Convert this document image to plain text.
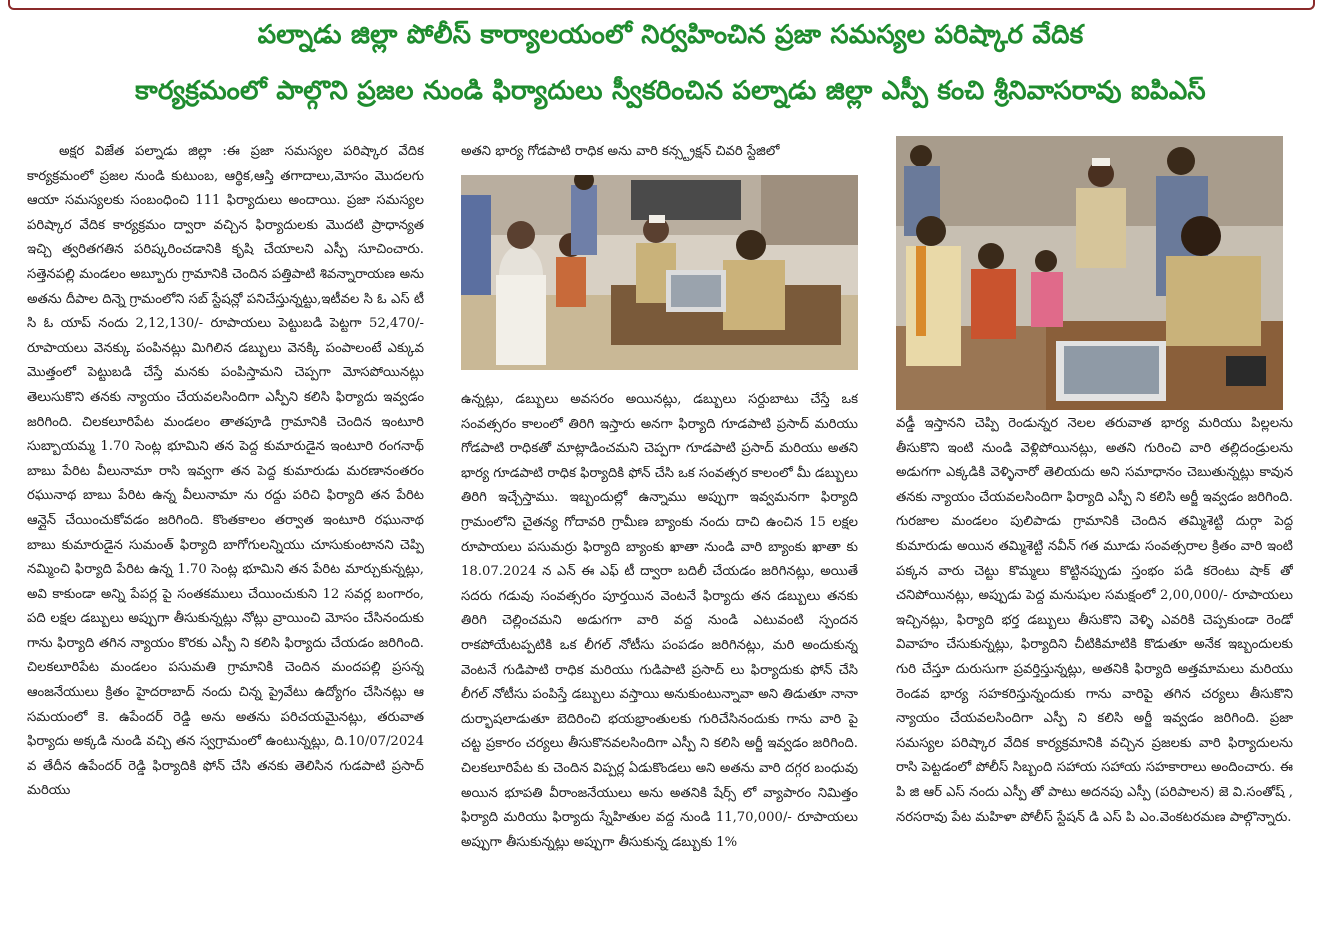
పల్నాడు జిల్లా పోలీస్ కార్యాలయంలో నిర్వహించిన ప్రజా సమస్యల పరిష్కార వేదిక
కార్యక్రమంలో పాల్గొని ప్రజల నుండి ఫిర్యాదులు స్వీకరించిన పల్నాడు జిల్లా ఎస్పీ కంచి శ్రీనివాసరావు ఐపిఎస్

అక్షర విజేత పల్నాడు జిల్లా :ఈ ప్రజా సమస్యల పరిష్కార వేదిక కార్యక్రమంలో ప్రజల నుండి కుటుంబ, ఆర్థిక,ఆస్తి తగాదాలు,మోసం మొదలగు ఆయా సమస్యలకు సంబంధించి 111 ఫిర్యాదులు అందాయి. ప్రజా సమస్యల పరిష్కార వేదిక కార్యక్రమం ద్వారా వచ్చిన ఫిర్యాదులకు మొదటి ప్రాధాన్యత ఇచ్చి త్వరితగతిన పరిష్కరించడానికి కృషి చేయాలని ఎస్పీ సూచించారు. సత్తెనపల్లి మండలం అబ్బూరు గ్రామానికి చెందిన పత్తిపాటి శివన్నారాయణ అను అతను దీపాల దిన్నె గ్రామంలోని సబ్ స్టేషన్లో పనిచేస్తున్నట్టు,ఇటీవల సి ఓ ఎస్ టీ సి ఓ యాప్ నందు 2,12,130/- రూపాయలు పెట్టుబడి పెట్టగా 52,470/- రూపాయలు వెనక్కు పంపినట్లు మిగిలిన డబ్బులు వెనక్కి పంపాలంటే ఎక్కువ మొత్తంలో పెట్టుబడి చేస్తే మనకు పంపిస్తామని చెప్పగా మోసపోయినట్లు తెలుసుకొని తనకు న్యాయం చేయవలసిందిగా ఎస్పీని కలిసి ఫిర్యాదు ఇవ్వడం జరిగింది. చిలకలూరిపేట మండలం తాతపూడి గ్రామానికి చెందిన ఇంటూరి సుబ్బాయమ్మ 1.70 సెంట్ల భూమిని తన పెద్ద కుమారుడైన ఇంటూరి రంగనాథ్ బాబు పేరిట వీలునామా రాసి ఇవ్వగా తన పెద్ద కుమారుడు మరణానంతరం రఘునాథ బాబు పేరిట ఉన్న వీలునామా ను రద్దు పరిచి ఫిర్యాది తన పేరిట ఆన్లైన్ చేయించుకోవడం జరిగింది. కొంతకాలం తర్వాత ఇంటూరి రఘునాథ బాబు కుమారుడైన సుమంత్ ఫిర్యాది బాగోగులన్నియు చూసుకుంటానని చెప్పి నమ్మించి ఫిర్యాది పేరిట ఉన్న 1.70 సెంట్ల భూమిని తన పేరిట మార్చుకున్నట్లు, అవి కాకుండా అన్ని పేపర్ల పై సంతకములు చేయించుకుని 12 సవర్ల బంగారం, పది లక్షల డబ్బులు అప్పుగా తీసుకున్నట్లు నోట్లు వ్రాయించి మోసం చేసినందుకు గాను ఫిర్యాది తగిన న్యాయం కొరకు ఎస్పీ ని కలిసి ఫిర్యాదు చేయడం జరిగింది. చిలకలూరిపేట మండలం పసుమతి గ్రామానికి చెందిన మందపల్లి ప్రసన్న ఆంజనేయులు క్రితం హైదరాబాద్ నందు చిన్న ప్రైవేటు ఉద్యోగం చేసినట్లు ఆ సమయంలో కె. ఉపేందర్ రెడ్డి అను అతను పరిచయమైనట్లు, తరువాత ఫిర్యాదు అక్కడి నుండి వచ్చి తన స్వగ్రామంలో ఉంటున్నట్లు, ది.10/07/2024 వ తేదీన ఉపేందర్ రెడ్డి ఫిర్యాదికి ఫోన్ చేసి తనకు తెలిసిన గుడపాటి ప్రసాద్ మరియు

అతని భార్య గోడపాటి రాధిక అను వారి కన్స్ట్రక్షన్ చివరి స్టేజిలో

ఉన్నట్లు, డబ్బులు అవసరం అయినట్లు, డబ్బులు సర్దుబాటు చేస్తే ఒక సంవత్సరం కాలంలో తిరిగి ఇస్తారు అనగా ఫిర్యాది గూడపాటి ప్రసాద్ మరియు గోడపాటి రాధికతో మాట్లాడించమని చెప్పగా గూడపాటి ప్రసాద్ మరియు అతని భార్య గూడపాటి రాధిక ఫిర్యాదికి ఫోన్ చేసి ఒక సంవత్సర కాలంలో మీ డబ్బులు తిరిగి ఇచ్చేస్తాము. ఇబ్బందుల్లో ఉన్నాము అప్పుగా ఇవ్వమనగా ఫిర్యాది గ్రామంలోని చైతన్య గోదావరి గ్రామీణ బ్యాంకు నందు దాచి ఉంచిన 15 లక్షల రూపాయలు పసుమర్రు ఫిర్యాది బ్యాంకు ఖాతా నుండి వారి బ్యాంకు ఖాతా కు 18.07.2024 న ఎన్ ఈ ఎఫ్ టీ ద్వారా బదిలీ చేయడం జరిగినట్లు, అయితే సదరు గడువు సంవత్సరం పూర్తయిన వెంటనే ఫిర్యాదు తన డబ్బులు తనకు తిరిగి చెల్లించమని అడుగగా వారి వద్ద నుండి ఎటువంటి స్పందన రాకపోయేటప్పటికి ఒక లీగల్ నోటీసు పంపడం జరిగినట్లు, మరి అందుకున్న వెంటనే గుడిపాటి రాధిక మరియు గుడిపాటి ప్రసాద్ లు ఫిర్యాదుకు ఫోన్ చేసి లీగల్ నోటీసు పంపిస్తే డబ్బులు వస్తాయి అనుకుంటున్నావా అని తిడుతూ నానా దుర్భాషలాడుతూ బెదిరించి భయభ్రాంతులకు గురిచేసినందుకు గాను వారి పై చట్ట ప్రకారం చర్యలు తీసుకొనవలసిందిగా ఎస్పీ ని కలిసి అర్జీ ఇవ్వడం జరిగింది. చిలకలూరిపేట కు చెందిన విప్పర్ల ఏడుకొండలు అని అతను వారి దగ్గర బంధువు అయిన భూపతి వీరాంజనేయులు అను అతనికి షేర్స్ లో వ్యాపారం నిమిత్తం ఫిర్యాది మరియు ఫిర్యాదు స్నేహితుల వద్ద నుండి 11,70,000/- రూపాయలు అప్పుగా తీసుకున్నట్లు అప్పుగా తీసుకున్న డబ్బుకు 1%

వడ్డీ ఇస్తానని చెప్పి రెండున్నర నెలల తరువాత భార్య మరియు పిల్లలను తీసుకొని ఇంటి నుండి వెళ్లిపోయినట్లు, అతని గురించి వారి తల్లిదండ్రులను అడుగగా ఎక్కడికి వెళ్ళినారో తెలియదు అని సమాధానం చెబుతున్నట్లు కావున తనకు న్యాయం చేయవలసిందిగా ఫిర్యాది ఎస్పీ ని కలిసి అర్జీ ఇవ్వడం జరిగింది. గురజాల మండలం పులిపాడు గ్రామానికి చెందిన తమ్మిశెట్టి దుర్గా పెద్ద కుమారుడు అయిన తమ్మిశెట్టి నవీన్ గత మూడు సంవత్సరాల క్రితం వారి ఇంటి పక్కన వారు చెట్టు కొమ్మలు కొట్టినప్పుడు స్తంభం పడి కరెంటు షాక్ తో చనిపోయినట్లు, అప్పుడు పెద్ద మనుషుల సమక్షంలో 2,00,000/- రూపాయలు ఇచ్చినట్లు, ఫిర్యాది భర్త డబ్బులు తీసుకొని వెళ్ళి ఎవరికి చెప్పకుండా రెండో వివాహం చేసుకున్నట్లు, ఫిర్యాదిని చీటికిమాటికి కొడుతూ అనేక ఇబ్బందులకు గురి చేస్తూ దురుసుగా ప్రవర్తిస్తున్నట్లు, అతనికి ఫిర్యాది అత్తమామలు మరియు రెండవ భార్య సహకరిస్తున్నందుకు గాను వారిపై తగిన చర్యలు తీసుకొని న్యాయం చేయవలసిందిగా ఎస్పీ ని కలిసి అర్జీ ఇవ్వడం జరిగింది. ప్రజా సమస్యల పరిష్కార వేదిక కార్యక్రమానికి వచ్చిన ప్రజలకు వారి ఫిర్యాదులను రాసి పెట్టడంలో పోలీస్ సిబ్బంది సహాయ సహాయ సహకారాలు అందించారు. ఈ పి జి ఆర్ ఎస్ నందు ఎస్పీ తో పాటు అదనపు ఎస్పీ (పరిపాలన) జె వి.సంతోష్ , నరసరావు పేట మహిళా పోలీస్ స్టేషన్ డి ఎస్ పి ఎం.వెంకటరమణ పాల్గొన్నారు.
